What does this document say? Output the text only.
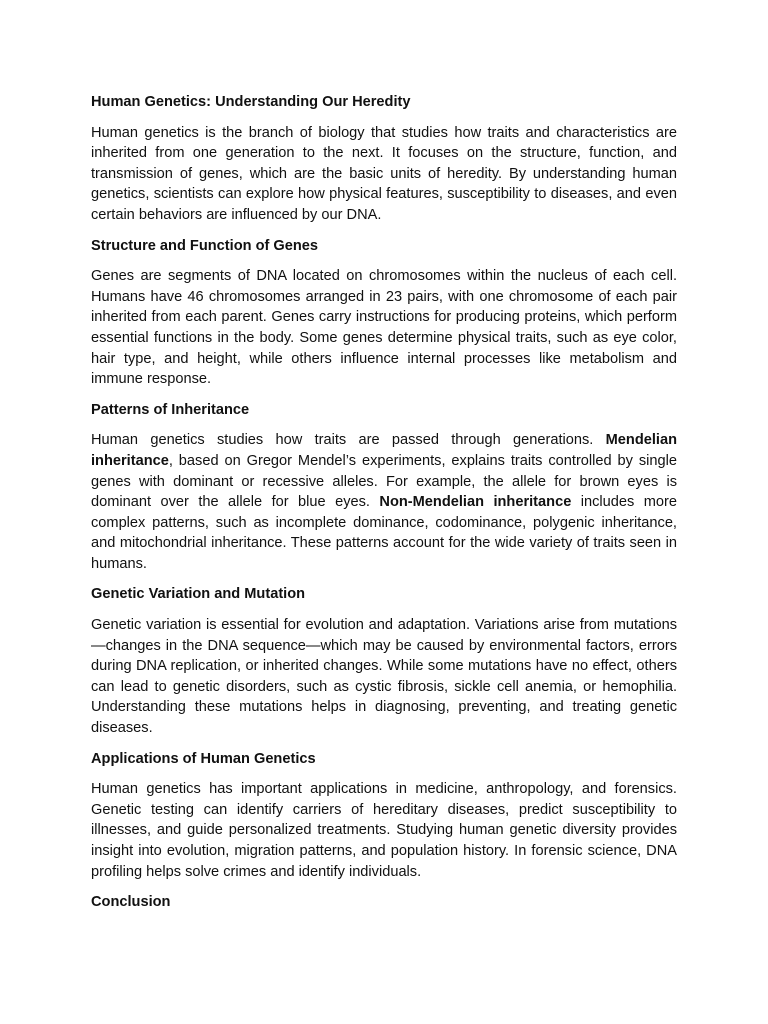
Human Genetics: Understanding Our Heredity

Human genetics is the branch of biology that studies how traits and characteristics are inherited from one generation to the next. It focuses on the structure, function, and transmission of genes, which are the basic units of heredity. By understanding human genetics, scientists can explore how physical features, susceptibility to diseases, and even certain behaviors are influenced by our DNA.

Structure and Function of Genes

Genes are segments of DNA located on chromosomes within the nucleus of each cell. Humans have 46 chromosomes arranged in 23 pairs, with one chromosome of each pair inherited from each parent. Genes carry instructions for producing proteins, which perform essential functions in the body. Some genes determine physical traits, such as eye color, hair type, and height, while others influence internal processes like metabolism and immune response.

Patterns of Inheritance

Human genetics studies how traits are passed through generations. Mendelian inheritance, based on Gregor Mendel’s experiments, explains traits controlled by single genes with dominant or recessive alleles. For example, the allele for brown eyes is dominant over the allele for blue eyes. Non-Mendelian inheritance includes more complex patterns, such as incomplete dominance, codominance, polygenic inheritance, and mitochondrial inheritance. These patterns account for the wide variety of traits seen in humans.

Genetic Variation and Mutation

Genetic variation is essential for evolution and adaptation. Variations arise from mutations—changes in the DNA sequence—which may be caused by environmental factors, errors during DNA replication, or inherited changes. While some mutations have no effect, others can lead to genetic disorders, such as cystic fibrosis, sickle cell anemia, or hemophilia. Understanding these mutations helps in diagnosing, preventing, and treating genetic diseases.

Applications of Human Genetics

Human genetics has important applications in medicine, anthropology, and forensics. Genetic testing can identify carriers of hereditary diseases, predict susceptibility to illnesses, and guide personalized treatments. Studying human genetic diversity provides insight into evolution, migration patterns, and population history. In forensic science, DNA profiling helps solve crimes and identify individuals.

Conclusion
